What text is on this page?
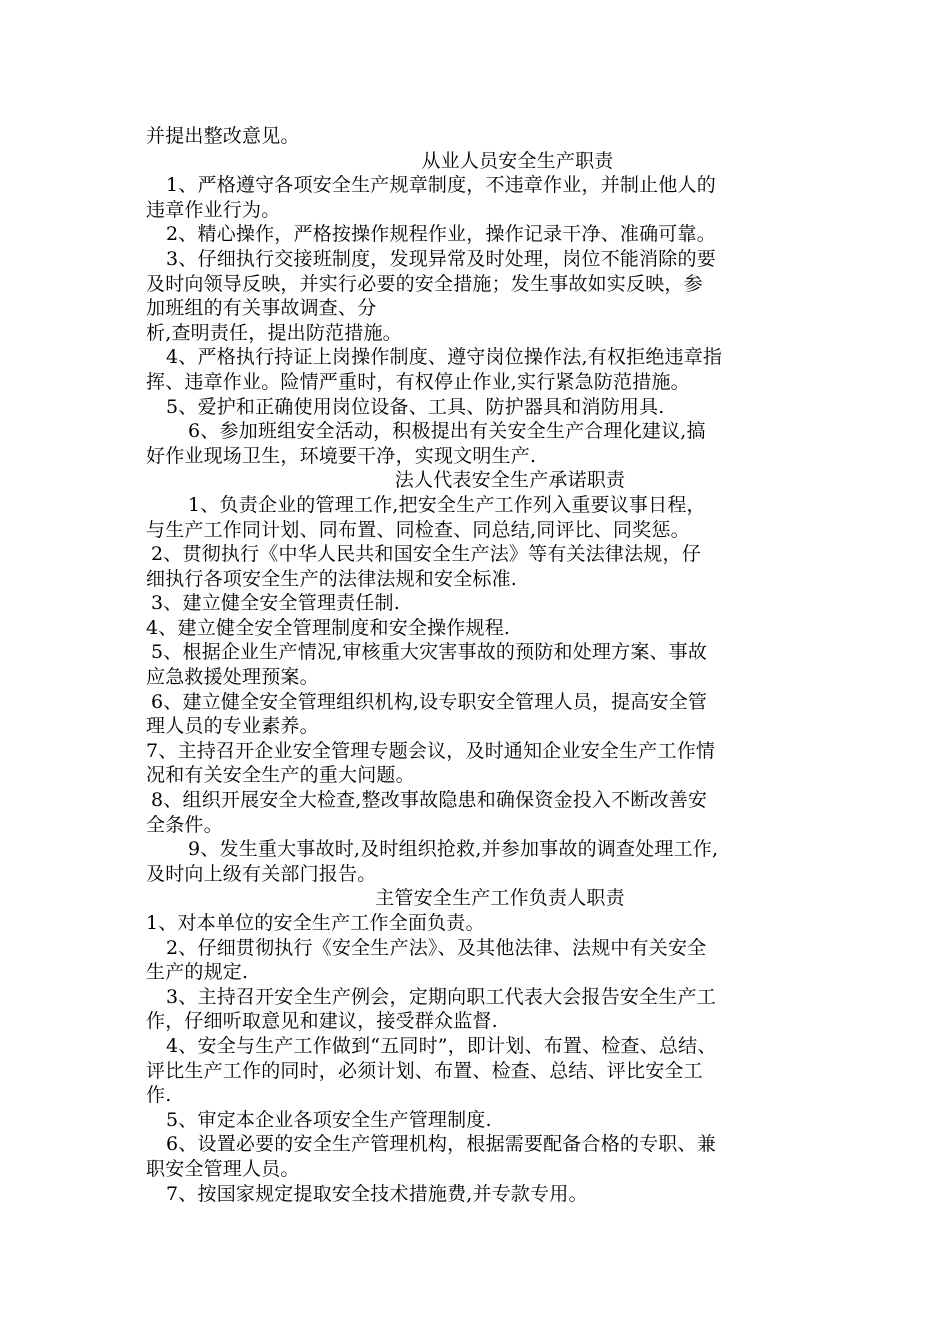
并提出整改意见。
从业人员安全生产职责
1、严格遵守各项安全生产规章制度，不违章作业，并制止他人的
违章作业行为。
2、精心操作，严格按操作规程作业，操作记录干净、准确可靠。
3、仔细执行交接班制度，发现异常及时处理，岗位不能消除的要
及时向领导反映，并实行必要的安全措施；发生事故如实反映，参
加班组的有关事故调查、分
析,查明责任，提出防范措施。
4、严格执行持证上岗操作制度、遵守岗位操作法,有权拒绝违章指
挥、违章作业。险情严重时，有权停止作业,实行紧急防范措施。
5、爱护和正确使用岗位设备、工具、防护器具和消防用具.
6、参加班组安全活动，积极提出有关安全生产合理化建议,搞
好作业现场卫生，环境要干净，实现文明生产.
法人代表安全生产承诺职责
1、负责企业的管理工作,把安全生产工作列入重要议事日程，
与生产工作同计划、同布置、同检查、同总结,同评比、同奖惩。
2、贯彻执行《中华人民共和国安全生产法》等有关法律法规，仔
细执行各项安全生产的法律法规和安全标准.
3、建立健全安全管理责任制.
4、建立健全安全管理制度和安全操作规程.
5、根据企业生产情况,审核重大灾害事故的预防和处理方案、事故
应急救援处理预案。
6、建立健全安全管理组织机构,设专职安全管理人员，提高安全管
理人员的专业素养。
7、主持召开企业安全管理专题会议，及时通知企业安全生产工作情
况和有关安全生产的重大问题。
8、组织开展安全大检查,整改事故隐患和确保资金投入不断改善安
全条件。
9、发生重大事故时,及时组织抢救,并参加事故的调查处理工作,
及时向上级有关部门报告。
主管安全生产工作负责人职责
1、对本单位的安全生产工作全面负责。
2、仔细贯彻执行《安全生产法》、及其他法律、法规中有关安全
生产的规定.
3、主持召开安全生产例会，定期向职工代表大会报告安全生产工
作，仔细听取意见和建议，接受群众监督.
4、安全与生产工作做到“五同时”，即计划、布置、检查、总结、
评比生产工作的同时，必须计划、布置、检查、总结、评比安全工
作.
5、审定本企业各项安全生产管理制度.
6、设置必要的安全生产管理机构，根据需要配备合格的专职、兼
职安全管理人员。
7、按国家规定提取安全技术措施费,并专款专用。
